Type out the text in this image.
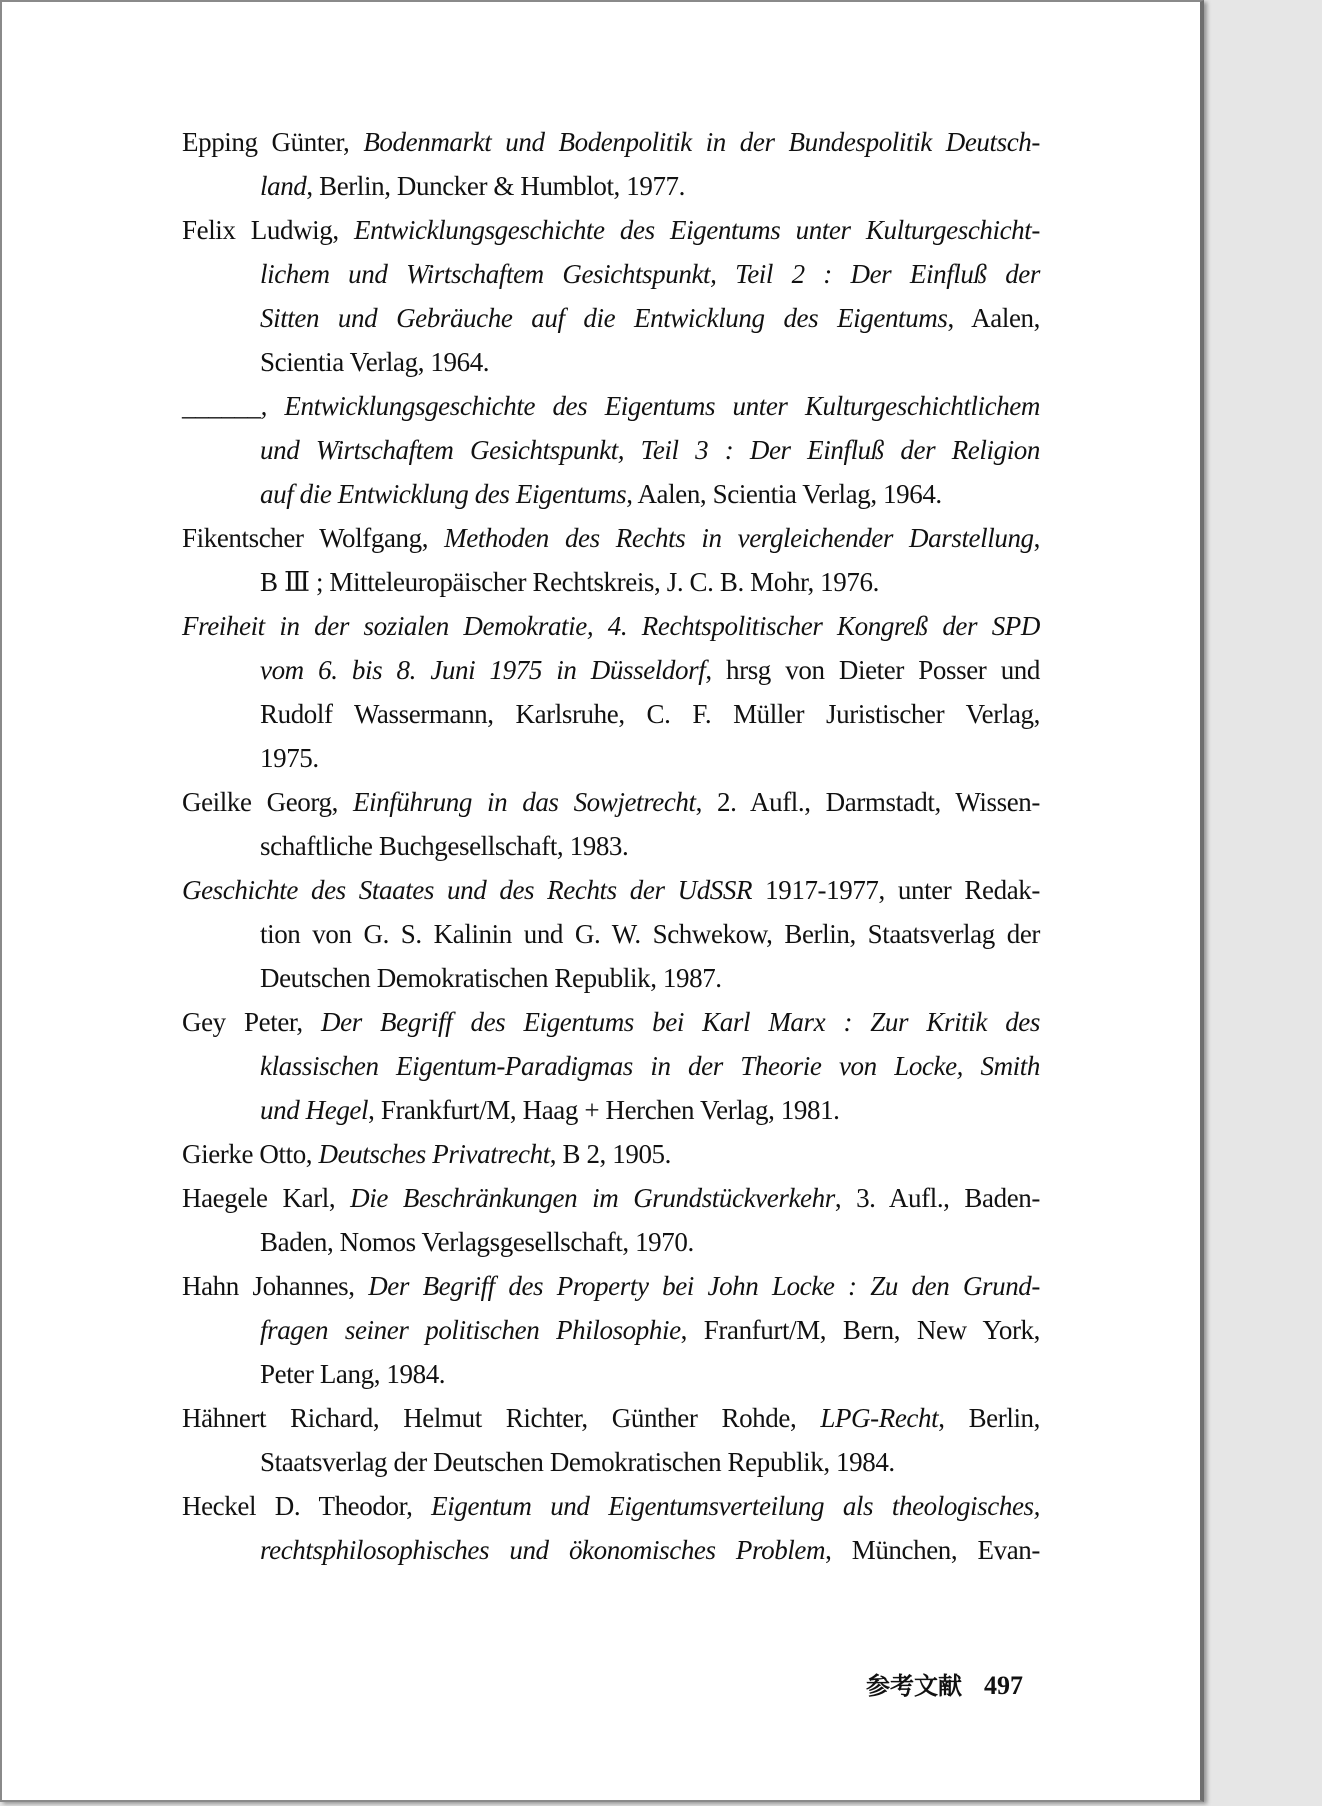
Epping Günter, Bodenmarkt und Bodenpolitik in der Bundespolitik Deutsch-
land, Berlin, Duncker & Humblot, 1977.
Felix Ludwig, Entwicklungsgeschichte des Eigentums unter Kulturgeschicht-
lichem und Wirtschaftem Gesichtspunkt, Teil 2 : Der Einfluß der
Sitten und Gebräuche auf die Entwicklung des Eigentums, Aalen,
Scientia Verlag, 1964.
______, Entwicklungsgeschichte des Eigentums unter Kulturgeschichtlichem
und Wirtschaftem Gesichtspunkt, Teil 3 : Der Einfluß der Religion
auf die Entwicklung des Eigentums, Aalen, Scientia Verlag, 1964.
Fikentscher Wolfgang, Methoden des Rechts in vergleichender Darstellung,
B Ⅲ ; Mitteleuropäischer Rechtskreis, J. C. B. Mohr, 1976.
Freiheit in der sozialen Demokratie, 4. Rechtspolitischer Kongreß der SPD
vom 6. bis 8. Juni 1975 in Düsseldorf, hrsg von Dieter Posser und
Rudolf Wassermann, Karlsruhe, C. F. Müller Juristischer Verlag,
1975.
Geilke Georg, Einführung in das Sowjetrecht, 2. Aufl., Darmstadt, Wissen-
schaftliche Buchgesellschaft, 1983.
Geschichte des Staates und des Rechts der UdSSR 1917-1977, unter Redak-
tion von G. S. Kalinin und G. W. Schwekow, Berlin, Staatsverlag der
Deutschen Demokratischen Republik, 1987.
Gey Peter, Der Begriff des Eigentums bei Karl Marx : Zur Kritik des
klassischen Eigentum-Paradigmas in der Theorie von Locke, Smith
und Hegel, Frankfurt/M, Haag + Herchen Verlag, 1981.
Gierke Otto, Deutsches Privatrecht, B 2, 1905.
Haegele Karl, Die Beschränkungen im Grundstückverkehr, 3. Aufl., Baden-
Baden, Nomos Verlagsgesellschaft, 1970.
Hahn Johannes, Der Begriff des Property bei John Locke : Zu den Grund-
fragen seiner politischen Philosophie, Franfurt/M, Bern, New York,
Peter Lang, 1984.
Hähnert Richard, Helmut Richter, Günther Rohde, LPG-Recht, Berlin,
Staatsverlag der Deutschen Demokratischen Republik, 1984.
Heckel D. Theodor, Eigentum und Eigentumsverteilung als theologisches,
rechtsphilosophisches und ökonomisches Problem, München, Evan-
参考文献 497
